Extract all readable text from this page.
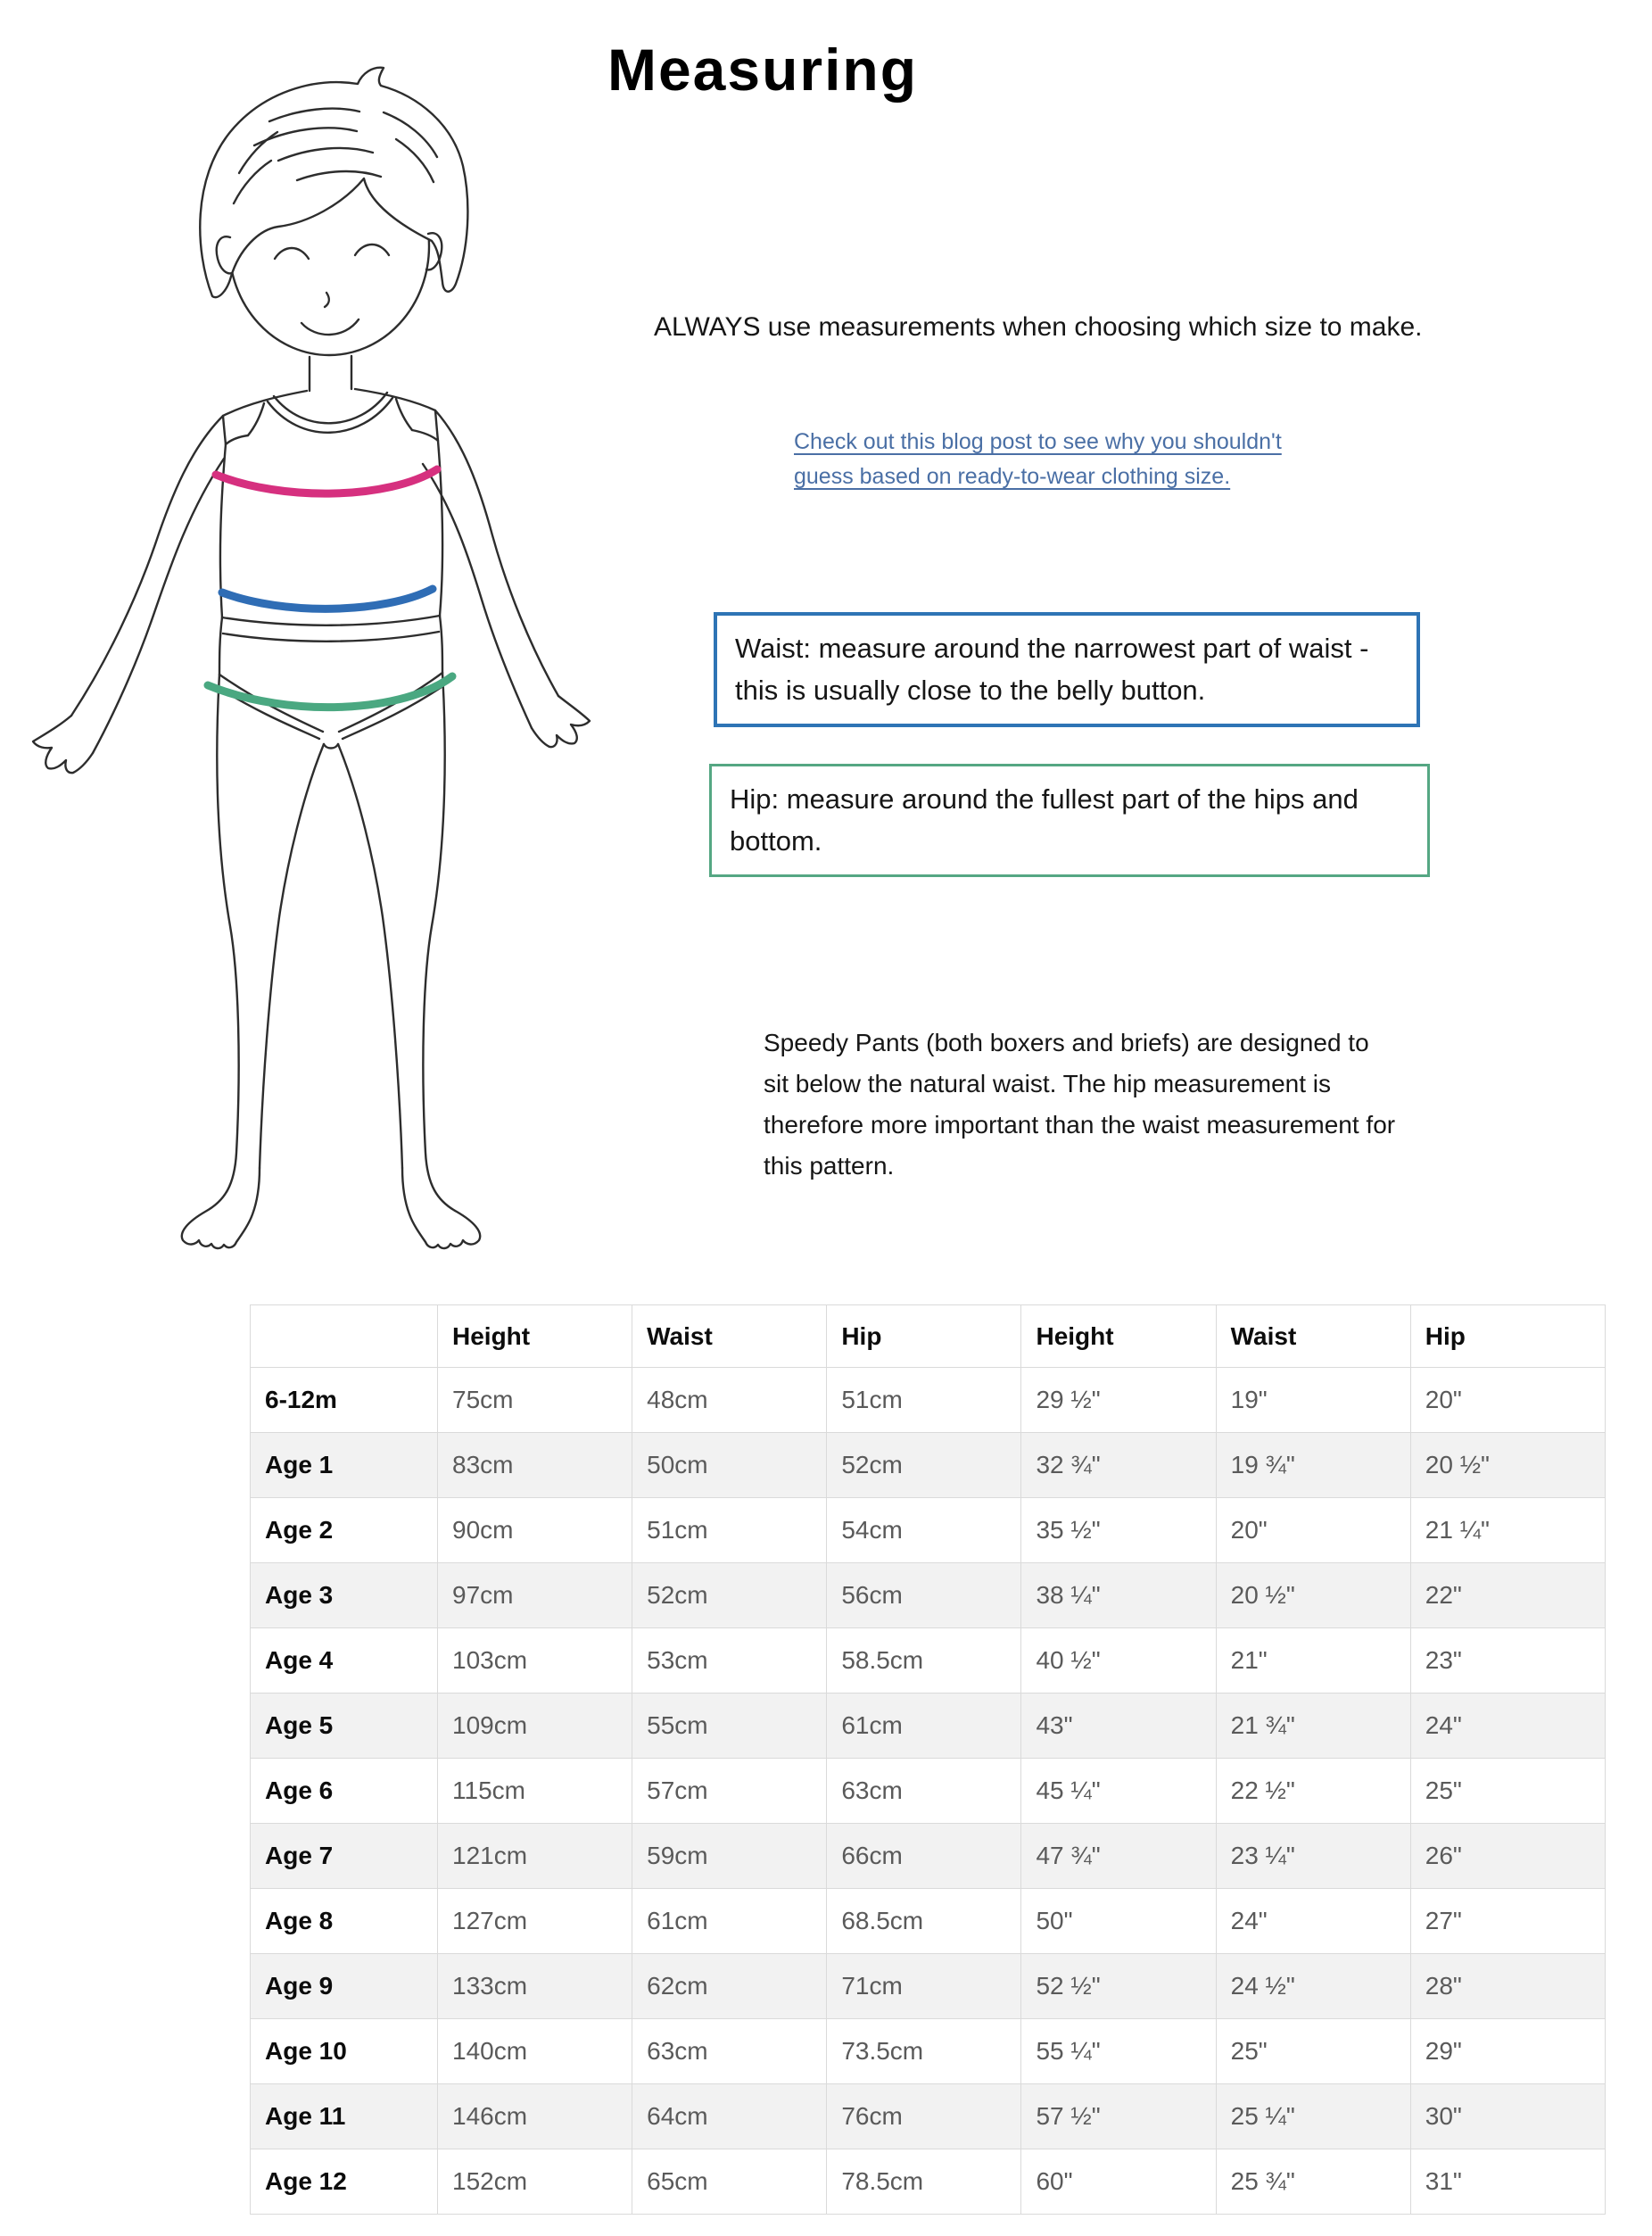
Measuring

ALWAYS use measurements when choosing which size to make.

Check out this blog post to see why you shouldn't guess based on ready-to-wear clothing size.
Waist: measure around the narrowest part of waist - this is usually close to the belly button.
Hip: measure around the fullest part of the hips and bottom.

Speedy Pants (both boxers and briefs) are designed to sit below the natural waist. The hip measurement is therefore more important than the waist measurement for this pattern.

	Height	Waist	Hip	Height	Waist	Hip
6-12m	75cm	48cm	51cm	29 ½"	19"	20"
Age 1	83cm	50cm	52cm	32 ¾"	19 ¾"	20 ½"
Age 2	90cm	51cm	54cm	35 ½"	20"	21 ¼"
Age 3	97cm	52cm	56cm	38 ¼"	20 ½"	22"
Age 4	103cm	53cm	58.5cm	40 ½"	21"	23"
Age 5	109cm	55cm	61cm	43"	21 ¾"	24"
Age 6	115cm	57cm	63cm	45 ¼"	22 ½"	25"
Age 7	121cm	59cm	66cm	47 ¾"	23 ¼"	26"
Age 8	127cm	61cm	68.5cm	50"	24"	27"
Age 9	133cm	62cm	71cm	52 ½"	24 ½"	28"
Age 10	140cm	63cm	73.5cm	55 ¼"	25"	29"
Age 11	146cm	64cm	76cm	57 ½"	25 ¼"	30"
Age 12	152cm	65cm	78.5cm	60"	25 ¾"	31"
